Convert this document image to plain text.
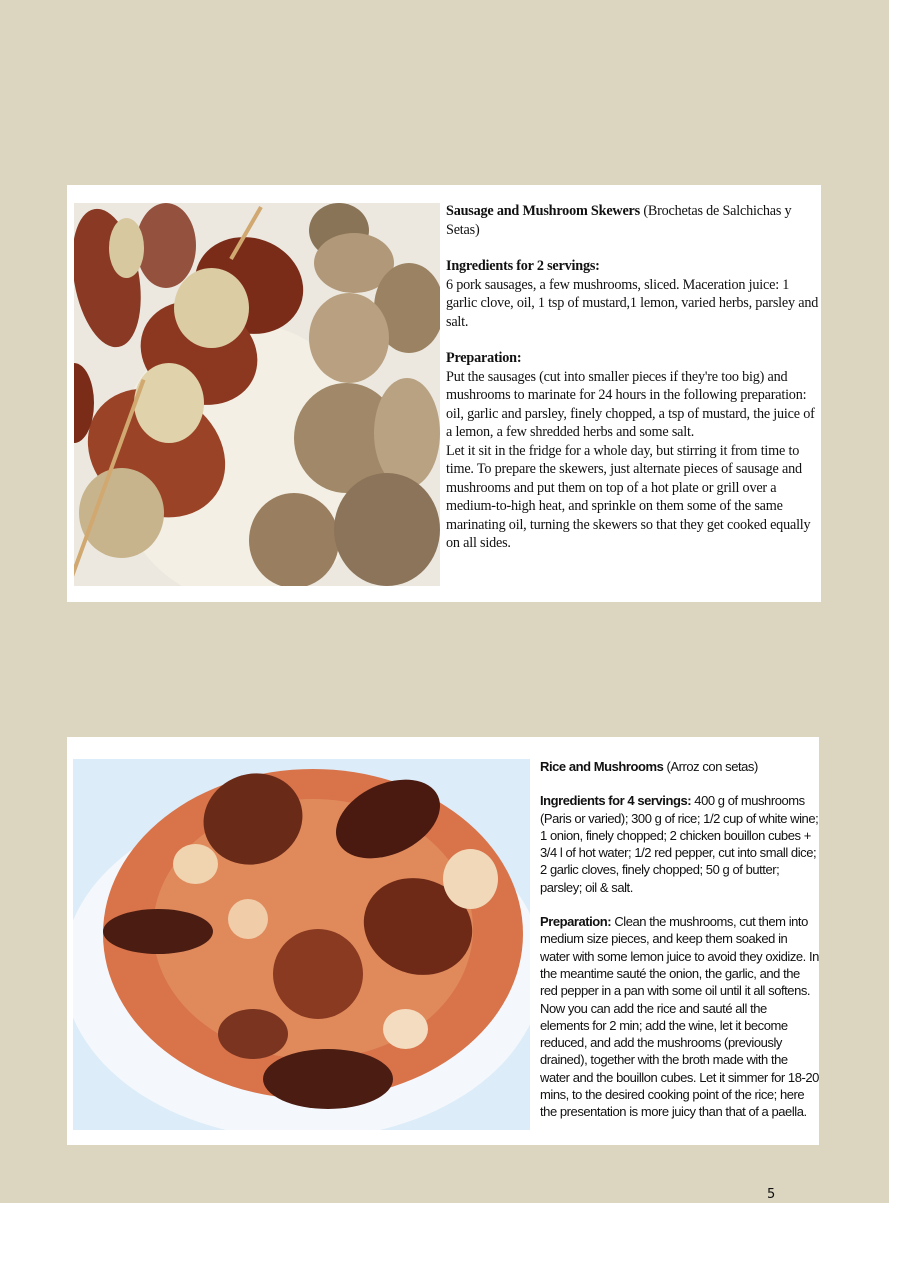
Sausage and Mushroom Skewers (Brochetas de Salchichas y Setas)

Ingredients for 2 servings:
6 pork sausages, a few mushrooms, sliced. Maceration juice: 1 garlic clove, oil, 1 tsp of mustard,1 lemon, varied herbs, parsley and salt.

Preparation:
Put the sausages (cut into smaller pieces if they're too big) and mushrooms to marinate for 24 hours in the following preparation: oil, garlic and parsley, finely chopped, a tsp of mustard, the juice of a lemon, a few shredded herbs and some salt.
Let it sit in the fridge for a whole day, but stirring it from time to time. To prepare the skewers, just alternate pieces of sausage and mushrooms and put them on top of a hot plate or grill over a medium-to-high heat, and sprinkle on them some of the same marinating oil, turning the skewers so that they get cooked equally on all sides.

Rice and Mushrooms (Arroz con setas)

Ingredients for 4 servings: 400 g of mushrooms (Paris or varied); 300 g of rice; 1/2 cup of white wine; 1 onion, finely chopped; 2 chicken bouillon cubes + 3/4 l of hot water; 1/2 red pepper, cut into small dice; 2 garlic cloves, finely chopped; 50 g of butter; parsley; oil & salt.

Preparation: Clean the mushrooms, cut them into medium size pieces, and keep them soaked in water with some lemon juice to avoid they oxidize. In the meantime sauté the onion, the garlic, and the red pepper in a pan with some oil until it all softens. Now you can add the rice and sauté all the elements for 2 min; add the wine, let it become reduced, and add the mushrooms (previously drained), together with the broth made with the water and the bouillon cubes. Let it simmer for 18-20 mins, to the desired cooking point of the rice; here the presentation is more juicy than that of a paella.

5
